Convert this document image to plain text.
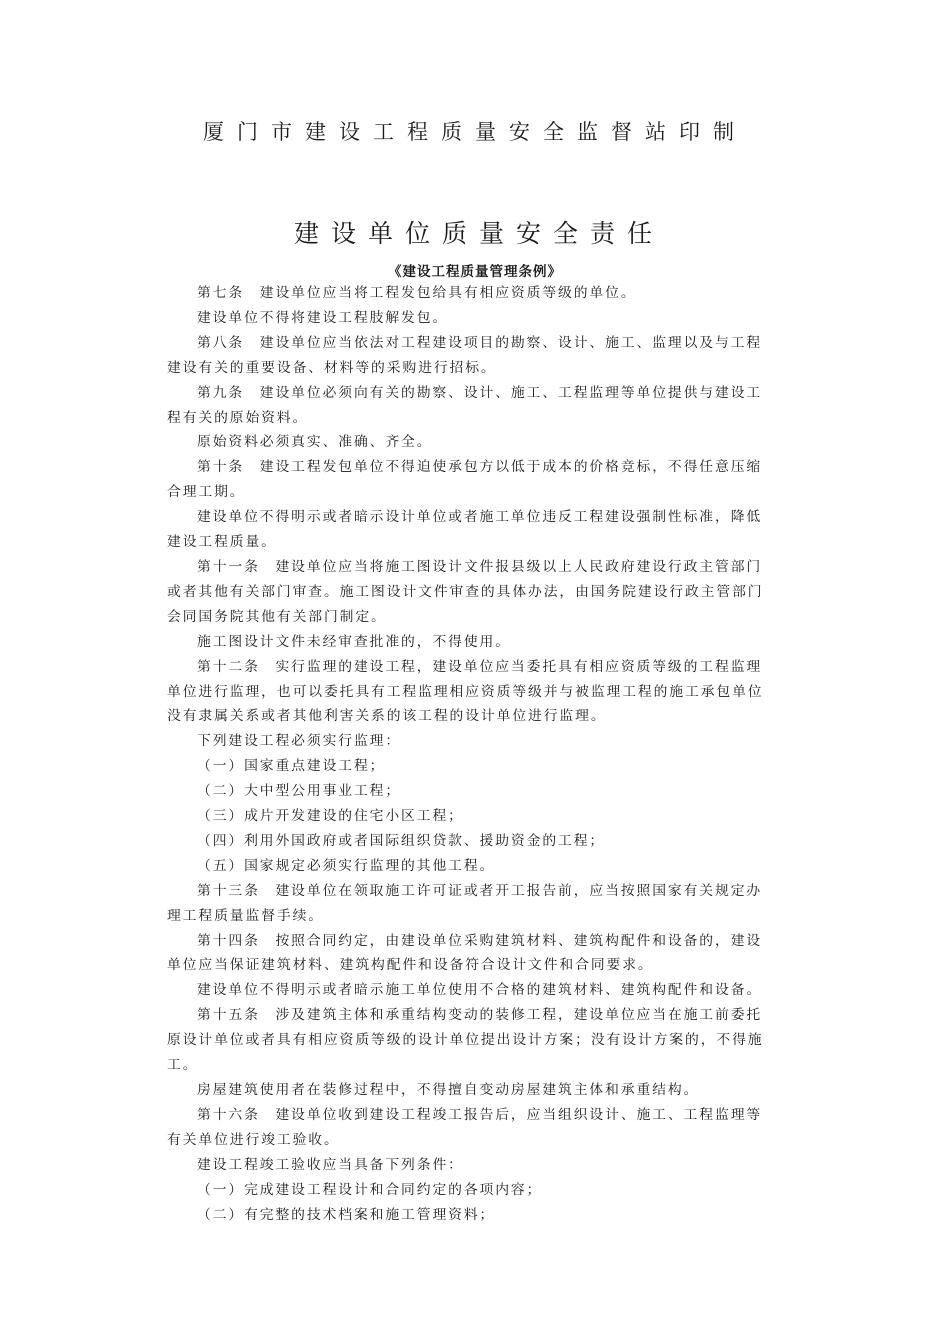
厦门市建设工程质量安全监督站印制
建设单位质量安全责任
《建设工程质量管理条例》

第七条　建设单位应当将工程发包给具有相应资质等级的单位。

建设单位不得将建设工程肢解发包。

第八条　建设单位应当依法对工程建设项目的勘察、设计、施工、监理以及与工程

建设有关的重要设备、材料等的采购进行招标。

第九条　建设单位必须向有关的勘察、设计、施工、工程监理等单位提供与建设工

程有关的原始资料。

原始资料必须真实、准确、齐全。

第十条　建设工程发包单位不得迫使承包方以低于成本的价格竞标，不得任意压缩

合理工期。

建设单位不得明示或者暗示设计单位或者施工单位违反工程建设强制性标准，降低

建设工程质量。

第十一条　建设单位应当将施工图设计文件报县级以上人民政府建设行政主管部门

或者其他有关部门审查。施工图设计文件审查的具体办法，由国务院建设行政主管部门

会同国务院其他有关部门制定。

施工图设计文件未经审查批准的，不得使用。

第十二条　实行监理的建设工程，建设单位应当委托具有相应资质等级的工程监理

单位进行监理，也可以委托具有工程监理相应资质等级并与被监理工程的施工承包单位

没有隶属关系或者其他利害关系的该工程的设计单位进行监理。

下列建设工程必须实行监理：

（一）国家重点建设工程；

（二）大中型公用事业工程；

（三）成片开发建设的住宅小区工程；

（四）利用外国政府或者国际组织贷款、援助资金的工程；

（五）国家规定必须实行监理的其他工程。

第十三条　建设单位在领取施工许可证或者开工报告前，应当按照国家有关规定办

理工程质量监督手续。

第十四条　按照合同约定，由建设单位采购建筑材料、建筑构配件和设备的，建设

单位应当保证建筑材料、建筑构配件和设备符合设计文件和合同要求。

建设单位不得明示或者暗示施工单位使用不合格的建筑材料、建筑构配件和设备。

第十五条　涉及建筑主体和承重结构变动的装修工程，建设单位应当在施工前委托

原设计单位或者具有相应资质等级的设计单位提出设计方案；没有设计方案的，不得施

工。

房屋建筑使用者在装修过程中，不得擅自变动房屋建筑主体和承重结构。

第十六条　建设单位收到建设工程竣工报告后，应当组织设计、施工、工程监理等

有关单位进行竣工验收。

建设工程竣工验收应当具备下列条件：

（一）完成建设工程设计和合同约定的各项内容；

（二）有完整的技术档案和施工管理资料；
